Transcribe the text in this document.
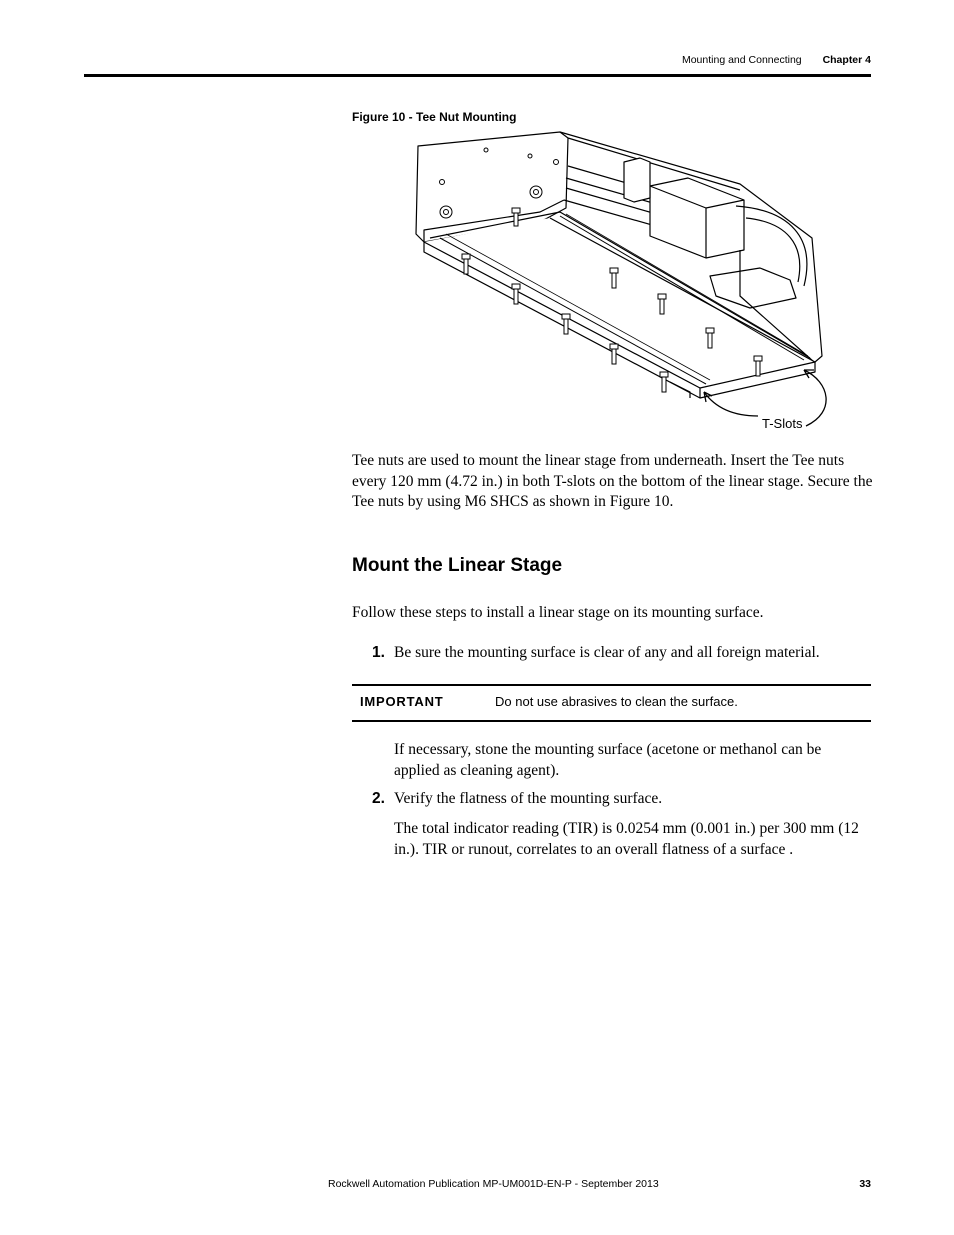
Mounting and Connecting Chapter 4
Figure 10 - Tee Nut Mounting
T-Slots
Tee nuts are used to mount the linear stage from underneath. Insert the Tee nuts every 120 mm (4.72 in.) in both T-slots on the bottom of the linear stage. Secure the Tee nuts by using M6 SHCS as shown in Figure 10.
Mount the Linear Stage
Follow these steps to install a linear stage on its mounting surface.
1. Be sure the mounting surface is clear of any and all foreign material.
IMPORTANT	Do not use abrasives to clean the surface.
If necessary, stone the mounting surface (acetone or methanol can be applied as cleaning agent).
2. Verify the flatness of the mounting surface.
The total indicator reading (TIR) is 0.0254 mm (0.001 in.) per 300 mm (12 in.). TIR or runout, correlates to an overall flatness of a surface .
Rockwell Automation Publication MP-UM001D-EN-P - September 2013	33
